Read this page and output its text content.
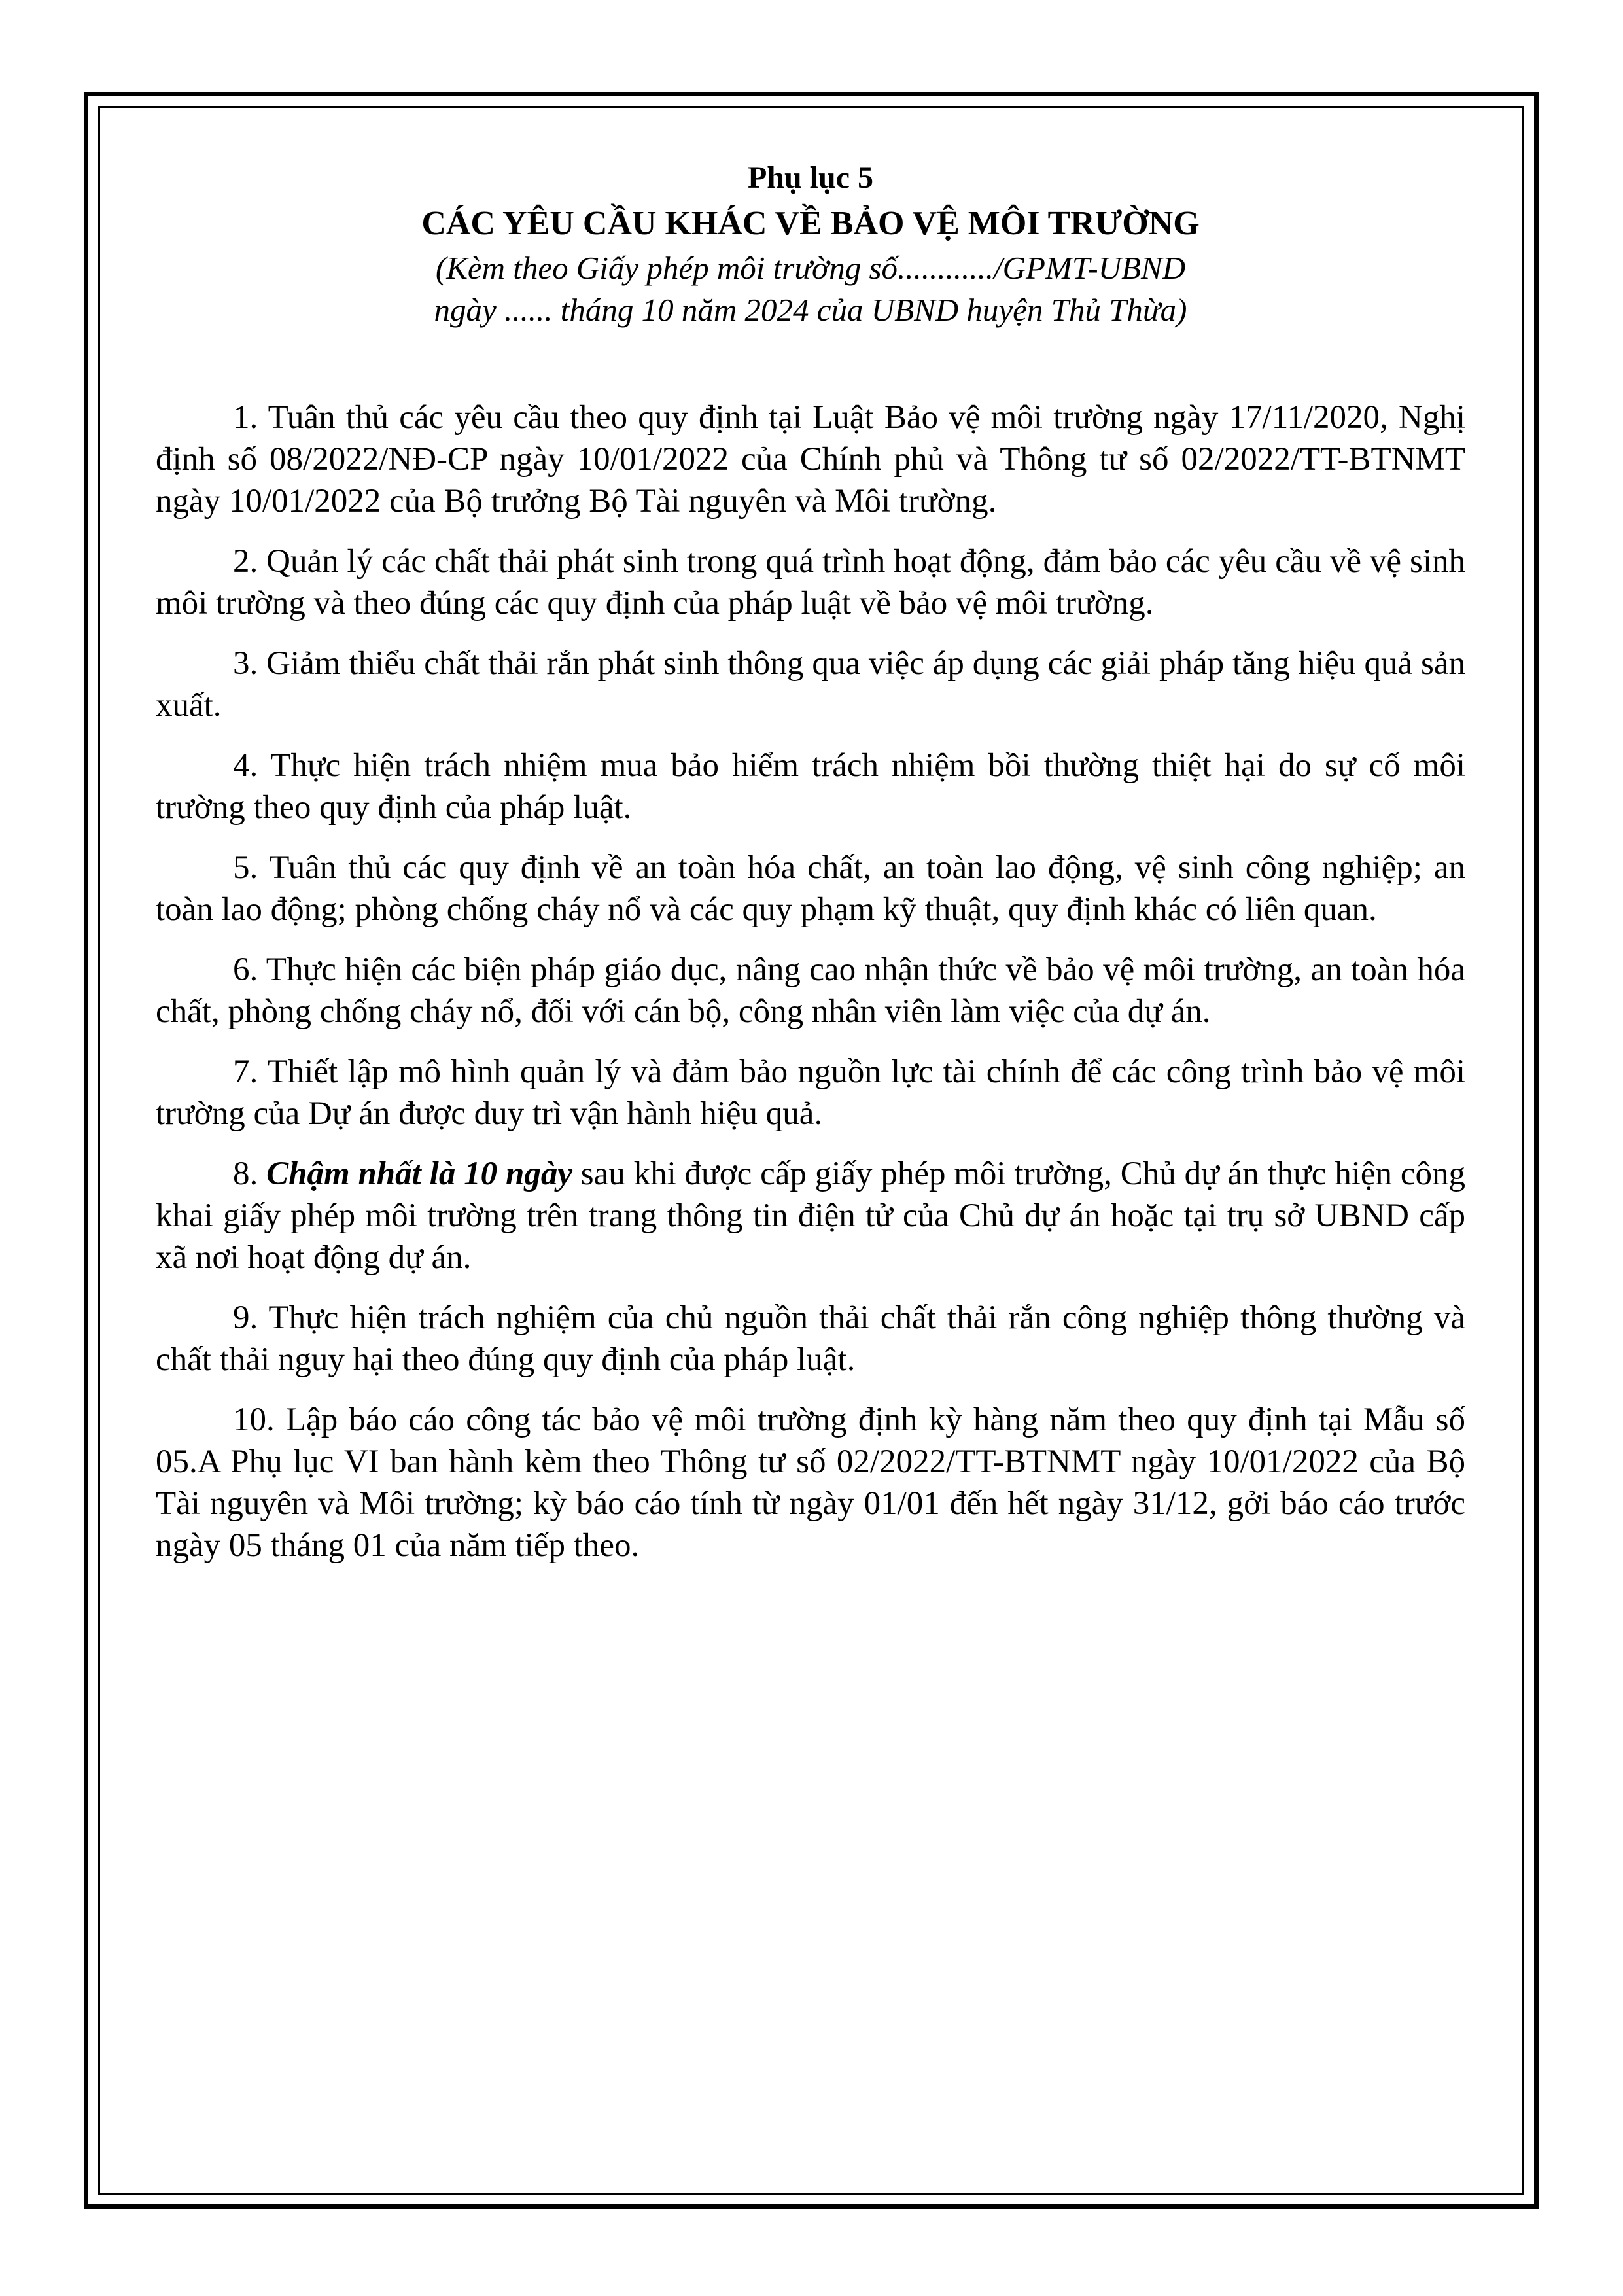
Phụ lục 5
CÁC YÊU CẦU KHÁC VỀ BẢO VỆ MÔI TRƯỜNG
(Kèm theo Giấy phép môi trường số............/GPMT-UBND
ngày ...... tháng 10 năm 2024 của UBND huyện Thủ Thừa)

1. Tuân thủ các yêu cầu theo quy định tại Luật Bảo vệ môi trường ngày 17/11/2020, Nghị định số 08/2022/NĐ-CP ngày 10/01/2022 của Chính phủ và Thông tư số 02/2022/TT-BTNMT ngày 10/01/2022 của Bộ trưởng Bộ Tài nguyên và Môi trường.

2. Quản lý các chất thải phát sinh trong quá trình hoạt động, đảm bảo các yêu cầu về vệ sinh môi trường và theo đúng các quy định của pháp luật về bảo vệ môi trường.

3. Giảm thiểu chất thải rắn phát sinh thông qua việc áp dụng các giải pháp tăng hiệu quả sản xuất.

4. Thực hiện trách nhiệm mua bảo hiểm trách nhiệm bồi thường thiệt hại do sự cố môi trường theo quy định của pháp luật.

5. Tuân thủ các quy định về an toàn hóa chất, an toàn lao động, vệ sinh công nghiệp; an toàn lao động; phòng chống cháy nổ và các quy phạm kỹ thuật, quy định khác có liên quan.

6. Thực hiện các biện pháp giáo dục, nâng cao nhận thức về bảo vệ môi trường, an toàn hóa chất, phòng chống cháy nổ, đối với cán bộ, công nhân viên làm việc của dự án.

7. Thiết lập mô hình quản lý và đảm bảo nguồn lực tài chính để các công trình bảo vệ môi trường của Dự án được duy trì vận hành hiệu quả.

8. Chậm nhất là 10 ngày sau khi được cấp giấy phép môi trường, Chủ dự án thực hiện công khai giấy phép môi trường trên trang thông tin điện tử của Chủ dự án hoặc tại trụ sở UBND cấp xã nơi hoạt động dự án.

9. Thực hiện trách nghiệm của chủ nguồn thải chất thải rắn công nghiệp thông thường và chất thải nguy hại theo đúng quy định của pháp luật.

10. Lập báo cáo công tác bảo vệ môi trường định kỳ hàng năm theo quy định tại Mẫu số 05.A Phụ lục VI ban hành kèm theo Thông tư số 02/2022/TT-BTNMT ngày 10/01/2022 của Bộ Tài nguyên và Môi trường; kỳ báo cáo tính từ ngày 01/01 đến hết ngày 31/12, gởi báo cáo trước ngày 05 tháng 01 của năm tiếp theo.
